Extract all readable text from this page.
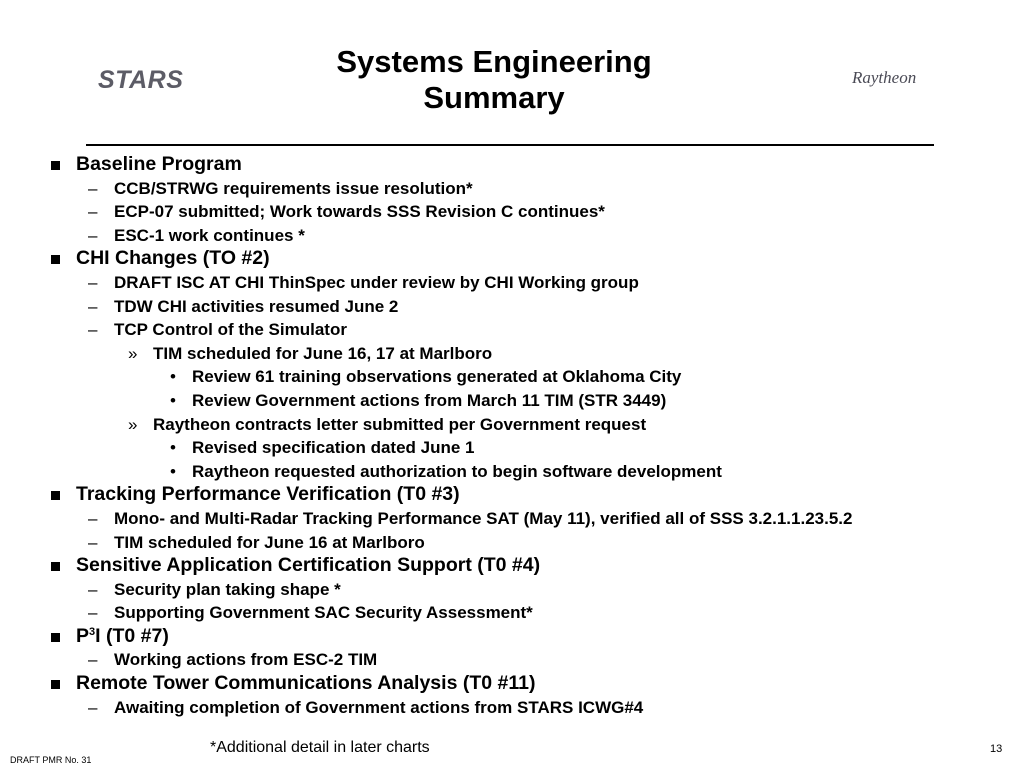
STARS
Systems Engineering
Summary
Raytheon
Baseline Program
– CCB/STRWG requirements issue resolution*
– ECP-07 submitted; Work towards SSS Revision C continues*
– ESC-1 work continues *
CHI Changes (TO #2)
– DRAFT ISC AT CHI ThinSpec under review by CHI Working group
– TDW CHI activities resumed June 2
– TCP Control of the Simulator
» TIM scheduled for June 16, 17 at Marlboro
• Review 61 training observations generated at Oklahoma City
• Review Government actions from March 11 TIM (STR 3449)
» Raytheon contracts letter submitted per Government request
• Revised specification dated June 1
• Raytheon requested authorization to begin software development
Tracking Performance Verification (T0 #3)
– Mono- and Multi-Radar Tracking Performance SAT (May 11), verified all of SSS 3.2.1.1.23.5.2
– TIM scheduled for June 16 at Marlboro
Sensitive Application Certification Support (T0 #4)
– Security plan taking shape *
– Supporting Government SAC Security Assessment*
$P^3I$ (T0 #7)
– Working actions from ESC-2 TIM
Remote Tower Communications Analysis (T0 #11)
– Awaiting completion of Government actions from STARS ICWG#4
*Additional detail in later charts
DRAFT PMR No. 31
13
